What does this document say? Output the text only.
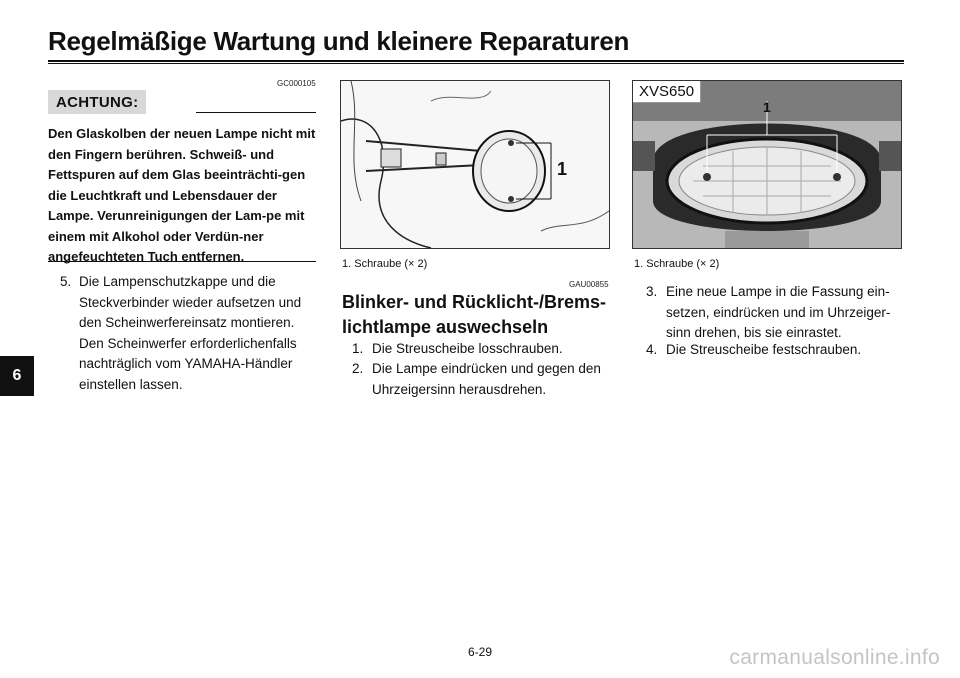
Regelmäßige Wartung und kleinere Reparaturen
6
GC000105
ACHTUNG:
Den Glaskolben der neuen Lampe nicht mit den Fingern berühren. Schweiß- und Fettspuren auf dem Glas beeinträchti-gen die Leuchtkraft und Lebensdauer der Lampe. Verunreinigungen der Lam-pe mit einem mit Alkohol oder Verdün-ner angefeuchteten Tuch entfernen.
5. Die Lampenschutzkappe und die Steckverbinder wieder aufsetzen und den Scheinwerfereinsatz montieren. Den Scheinwerfer erforderlichenfalls nachträglich vom YAMAHA-Händler einstellen lassen.
1
1. Schraube (× 2)
GAU00855
Blinker- und Rücklicht-/Brems-lichtlampe auswechseln
1. Die Streuscheibe losschrauben.
2. Die Lampe eindrücken und gegen den Uhrzeigersinn herausdrehen.
XVS650
1
1. Schraube (× 2)
3. Eine neue Lampe in die Fassung ein-setzen, eindrücken und im Uhrzeiger-sinn drehen, bis sie einrastet.
4. Die Streuscheibe festschrauben.
6-29	carmanualsonline.info
